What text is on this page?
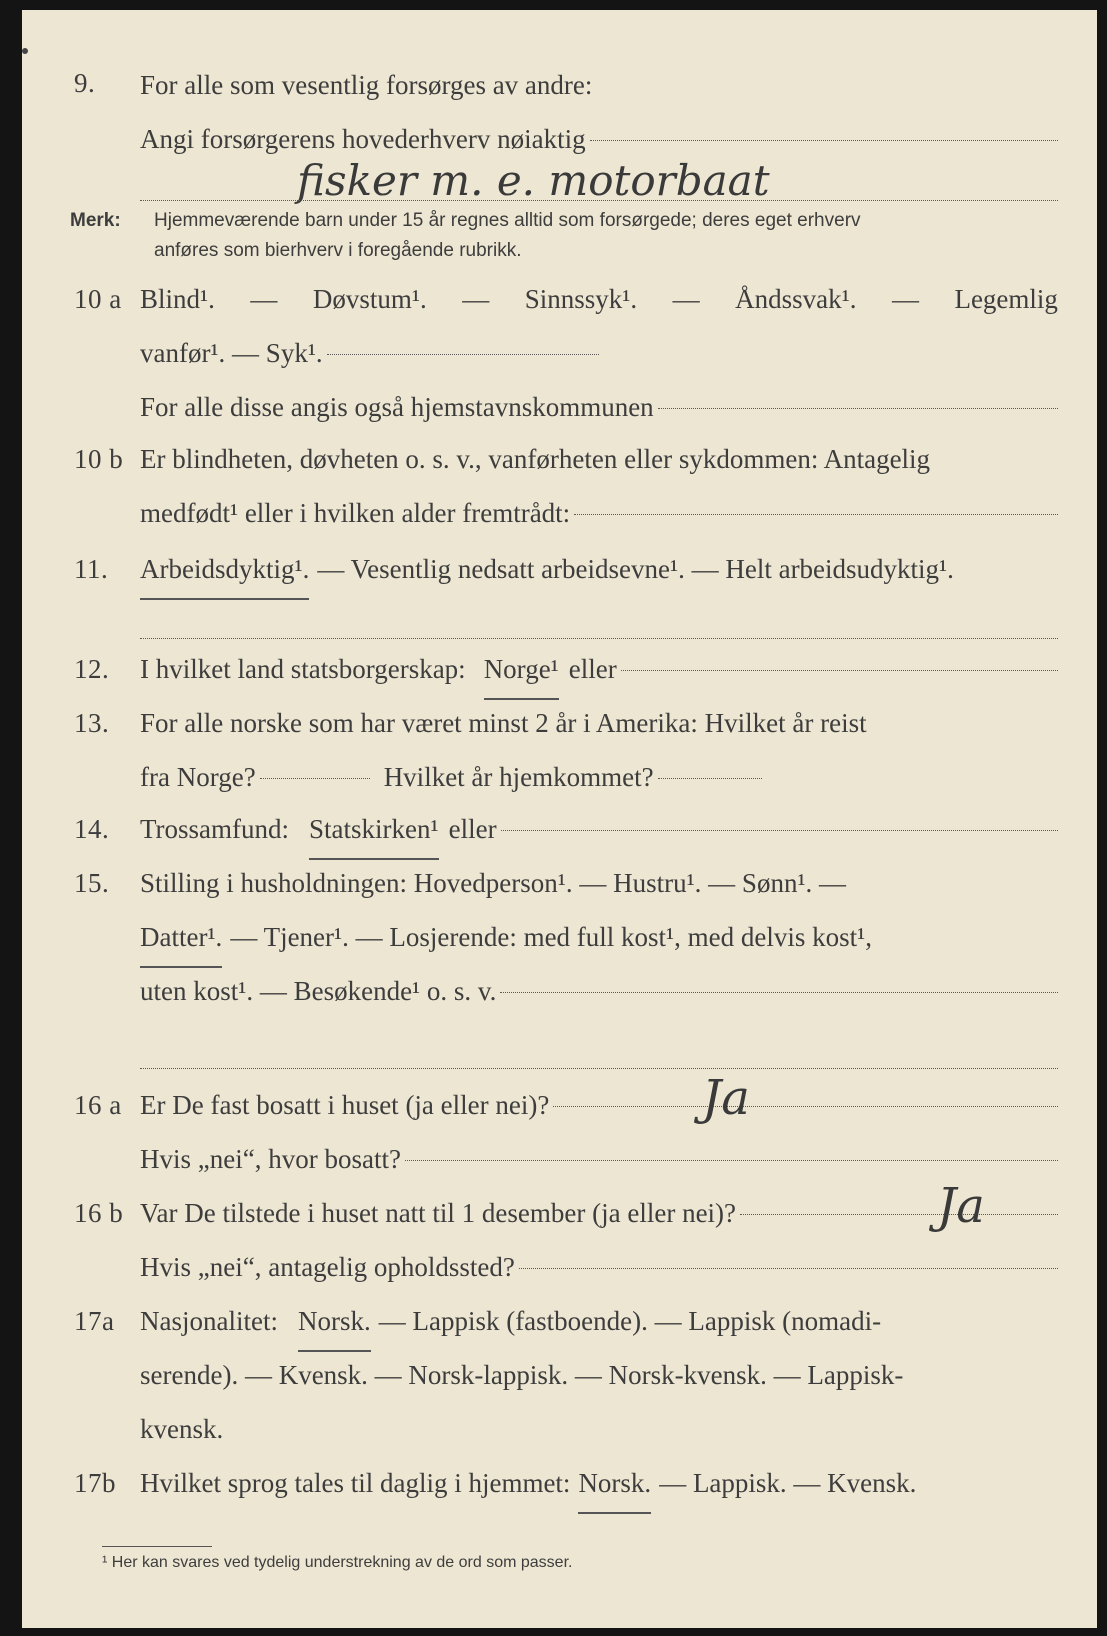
9.	For alle som vesentlig forsørges av andre:
Angi forsørgerens hovederhverv nøiaktig
fisker m. e. motorbaat
Merk: Hjemmeværende barn under 15 år regnes alltid som forsørgede; deres eget erhverv
anføres som bierhverv i foregående rubrikk.
10 a Blind¹. — Døvstum¹. — Sinnssyk¹. — Åndssvak¹. — Legemlig
vanfør¹. — Syk¹.
For alle disse angis også hjemstavnskommunen
10 b Er blindheten, døvheten o. s. v., vanførheten eller sykdommen: Antagelig
medfødt¹ eller i hvilken alder fremtrådt:
11.	Arbeidsdyktig¹. — Vesentlig nedsatt arbeidsevne¹. — Helt arbeidsudyktig¹.
12.	I hvilket land statsborgerskap: Norge¹ eller
13.	For alle norske som har været minst 2 år i Amerika: Hvilket år reist
fra Norge?	Hvilket år hjemkommet?
14.	Trossamfund: Statskirken¹ eller
15.	Stilling i husholdningen: Hovedperson¹. — Hustru¹. — Sønn¹. —
Datter¹. — Tjener¹. — Losjerende: med full kost¹, med delvis kost¹,
uten kost¹. — Besøkende¹ o. s. v.
16 a Er De fast bosatt i huset (ja eller nei)?
Hvis „nei“, hvor bosatt?
Ja
16 b Var De tilstede i huset natt til 1 desember (ja eller nei)?
Hvis „nei“, antagelig opholdssted?
Ja
17a Nasjonalitet: Norsk. — Lappisk (fastboende). — Lappisk (nomadi-
serende). — Kvensk. — Norsk-lappisk. — Norsk-kvensk. — Lappisk-
kvensk.
17b Hvilket sprog tales til daglig i hjemmet: Norsk. — Lappisk. — Kvensk.
¹ Her kan svares ved tydelig understrekning av de ord som passer.
